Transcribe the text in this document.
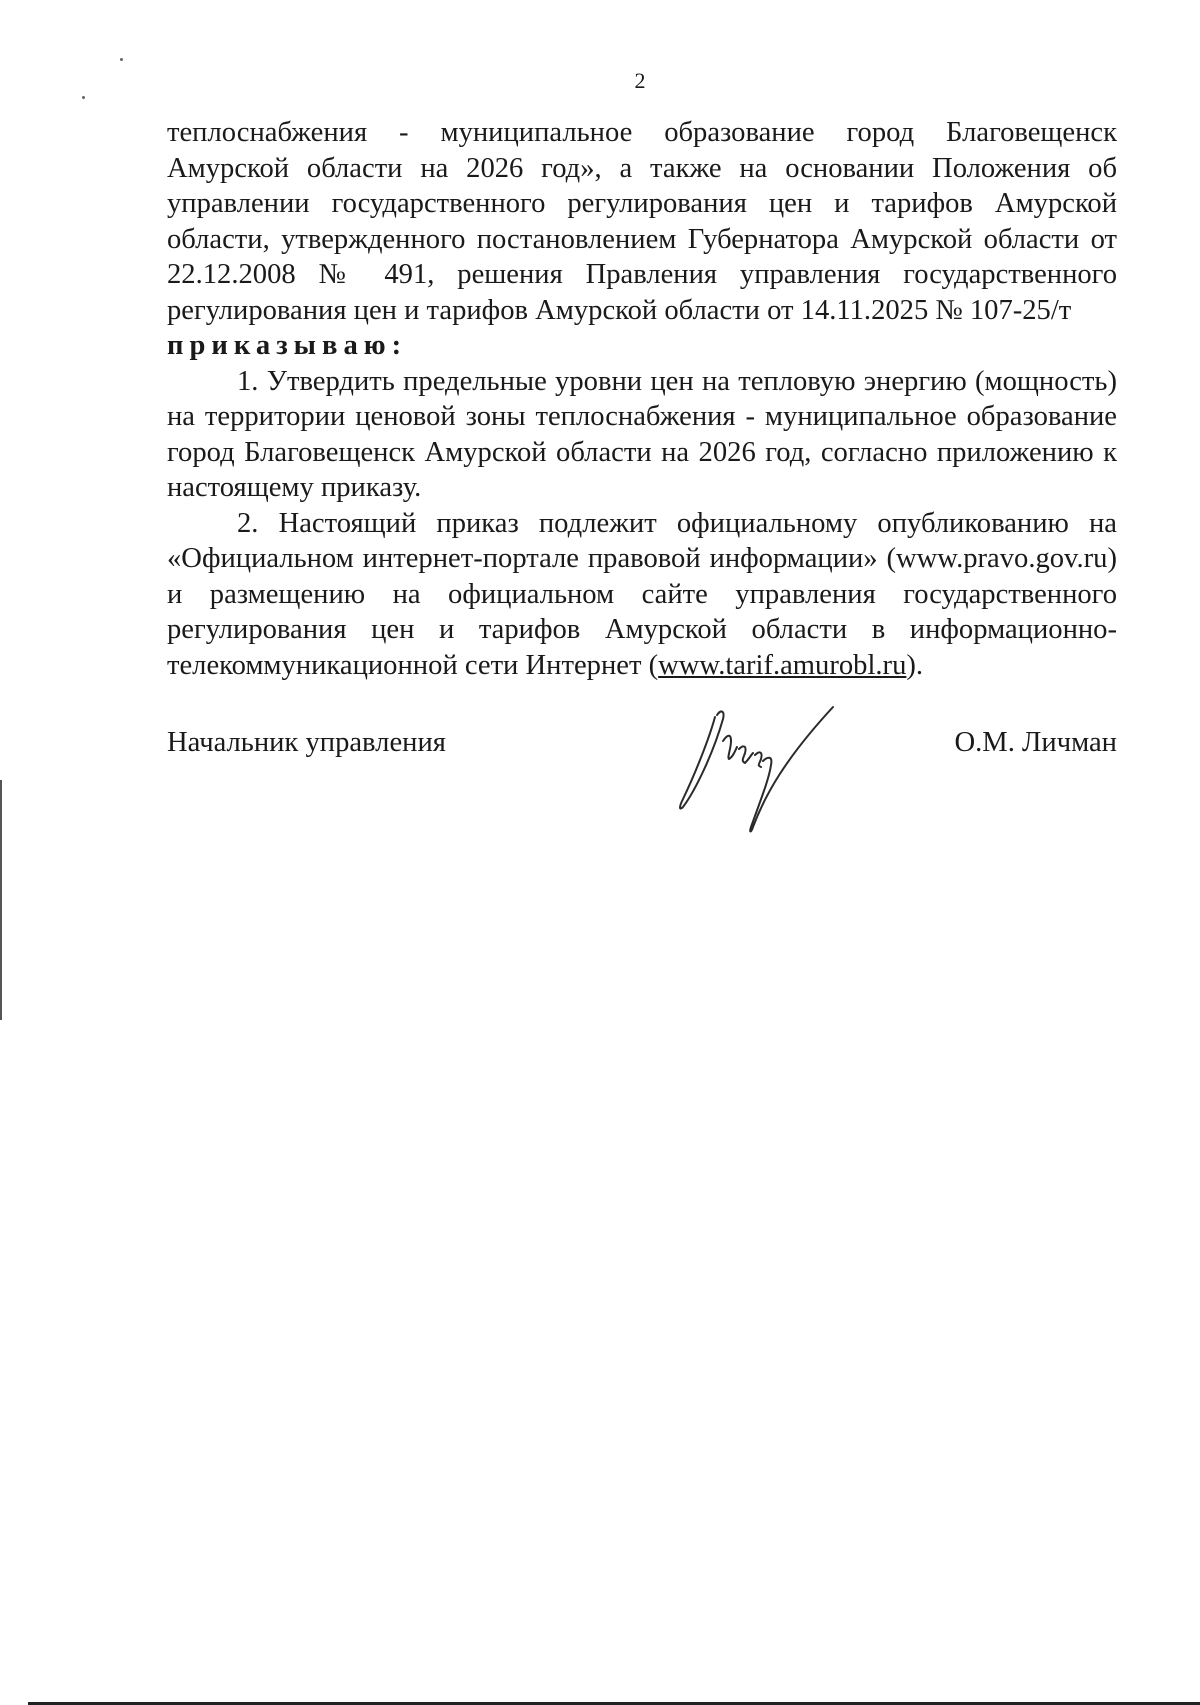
2

теплоснабжения - муниципальное образование город Благовещенск Амурской области на 2026 год», а также на основании Положения об управлении государственного регулирования цен и тарифов Амурской области, утвержденного постановлением Губернатора Амурской области от 22.12.2008 № 491, решения Правления управления государственного регулирования цен и тарифов Амурской области от 14.11.2025 № 107-25/т

приказываю:

1. Утвердить предельные уровни цен на тепловую энергию (мощность) на территории ценовой зоны теплоснабжения - муниципальное образование город Благовещенск Амурской области на 2026 год, согласно приложению к настоящему приказу.

2. Настоящий приказ подлежит официальному опубликованию на «Официальном интернет-портале правовой информации» (www.pravo.gov.ru) и размещению на официальном сайте управления государственного регулирования цен и тарифов Амурской области в информационно-телекоммуникационной сети Интернет (www.tarif.amurobl.ru).

Начальник управления	О.М. Личман
